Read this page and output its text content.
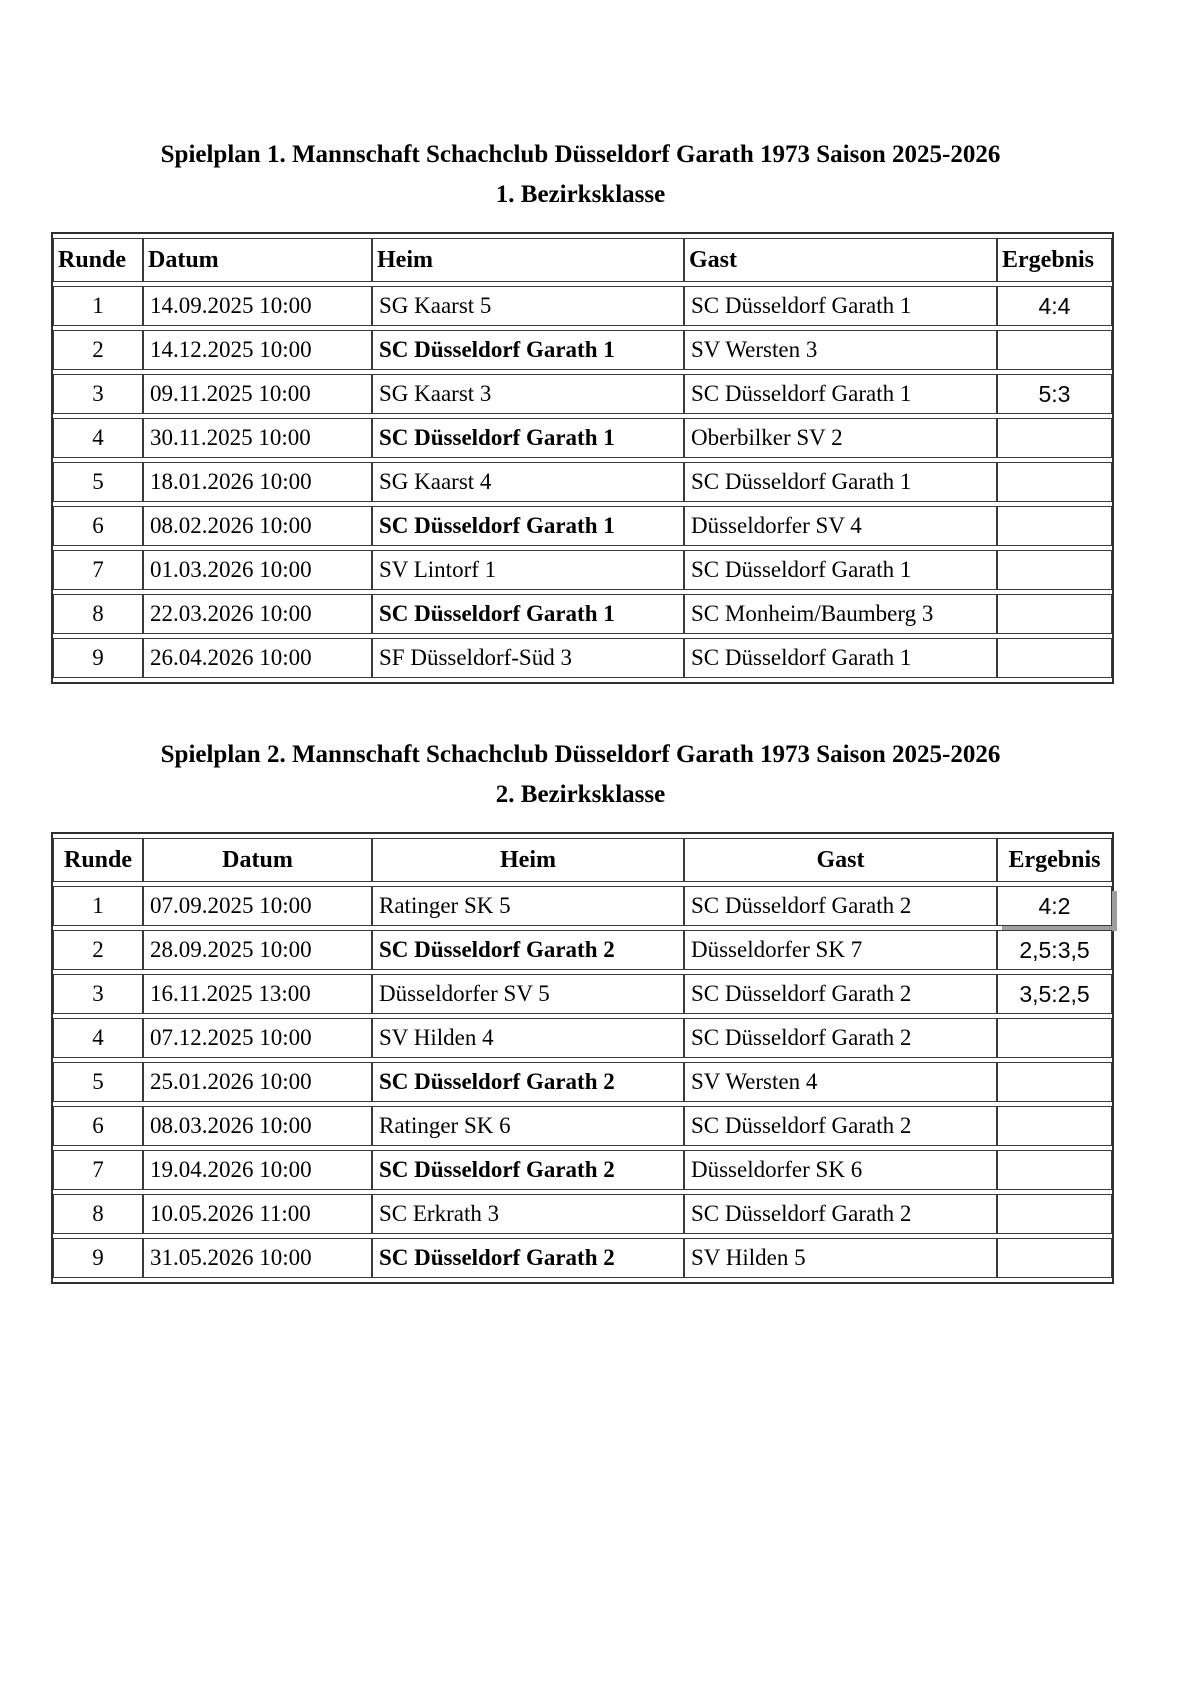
Spielplan 1. Mannschaft Schachclub Düsseldorf Garath 1973 Saison 2025-2026
1. Bezirksklasse
Runde	Datum	Heim	Gast	Ergebnis
1	14.09.2025 10:00	SG Kaarst 5	SC Düsseldorf Garath 1	4:4
2	14.12.2025 10:00	SC Düsseldorf Garath 1	SV Wersten 3	
3	09.11.2025 10:00	SG Kaarst 3	SC Düsseldorf Garath 1	5:3
4	30.11.2025 10:00	SC Düsseldorf Garath 1	Oberbilker SV 2	
5	18.01.2026 10:00	SG Kaarst 4	SC Düsseldorf Garath 1	
6	08.02.2026 10:00	SC Düsseldorf Garath 1	Düsseldorfer SV 4	
7	01.03.2026 10:00	SV Lintorf 1	SC Düsseldorf Garath 1	
8	22.03.2026 10:00	SC Düsseldorf Garath 1	SC Monheim/Baumberg 3	
9	26.04.2026 10:00	SF Düsseldorf-Süd 3	SC Düsseldorf Garath 1	
Spielplan 2. Mannschaft Schachclub Düsseldorf Garath 1973 Saison 2025-2026
2. Bezirksklasse
Runde	Datum	Heim	Gast	Ergebnis
1	07.09.2025 10:00	Ratinger SK 5	SC Düsseldorf Garath 2	4:2
2	28.09.2025 10:00	SC Düsseldorf Garath 2	Düsseldorfer SK 7	2,5:3,5
3	16.11.2025 13:00	Düsseldorfer SV 5	SC Düsseldorf Garath 2	3,5:2,5
4	07.12.2025 10:00	SV Hilden 4	SC Düsseldorf Garath 2	
5	25.01.2026 10:00	SC Düsseldorf Garath 2	SV Wersten 4	
6	08.03.2026 10:00	Ratinger SK 6	SC Düsseldorf Garath 2	
7	19.04.2026 10:00	SC Düsseldorf Garath 2	Düsseldorfer SK 6	
8	10.05.2026 11:00	SC Erkrath 3	SC Düsseldorf Garath 2	
9	31.05.2026 10:00	SC Düsseldorf Garath 2	SV Hilden 5	
